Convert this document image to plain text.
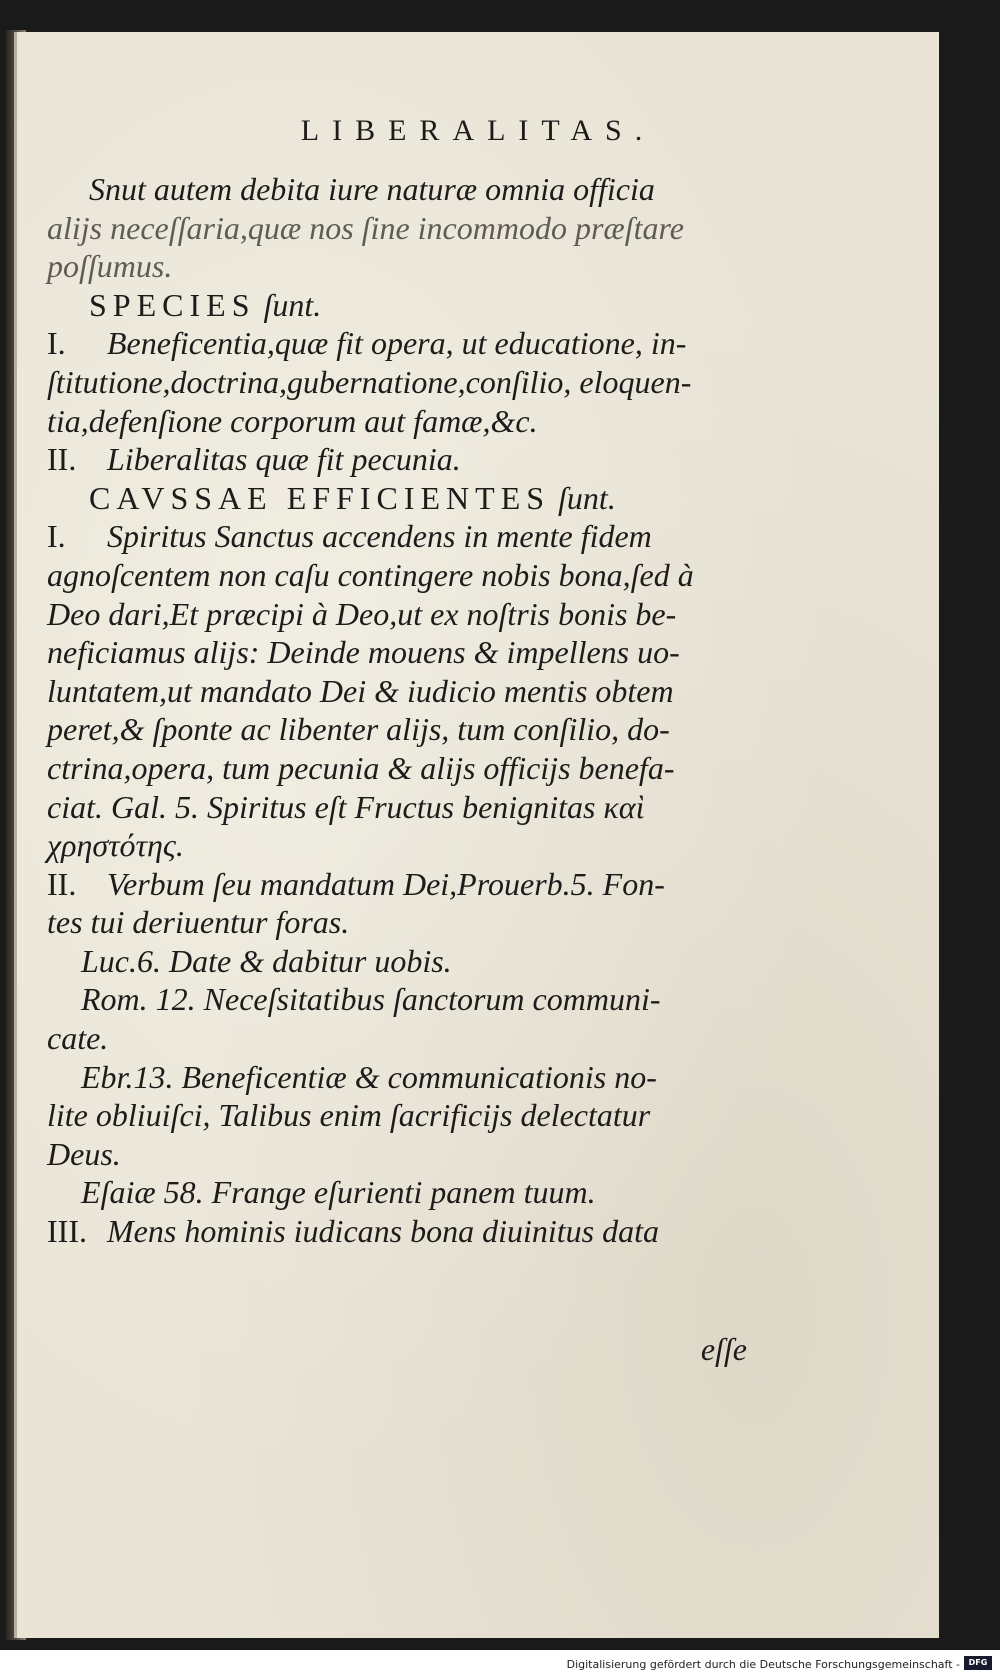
LIBERALITAS.
Snut autem debita iure naturæ omnia officia
alijs neceſſaria,quæ nos ſine incommodo præſtare
poſſumus.
SPECIES ſunt.
I. Beneficentia,quæ fit opera, ut educatione, in-
ſtitutione,doctrina,gubernatione,conſilio, eloquen-
tia,defenſione corporum aut famæ,&c.
II. Liberalitas quæ fit pecunia.
CAVSSAE EFFICIENTES ſunt.
I. Spiritus Sanctus accendens in mente fidem
agnoſcentem non caſu contingere nobis bona,ſed à
Deo dari,Et præcipi à Deo,ut ex noſtris bonis be-
neficiamus alijs: Deinde mouens & impellens uo-
luntatem,ut mandato Dei & iudicio mentis obtem
peret,& ſponte ac libenter alijs, tum conſilio, do-
ctrina,opera, tum pecunia & alijs officijs benefa-
ciat. Gal. 5. Spiritus eſt Fructus benignitas καὶ
χρηστότης.
II. Verbum ſeu mandatum Dei,Prouerb.5. Fon-
tes tui deriuentur foras.
Luc.6. Date & dabitur uobis.
Rom. 12. Neceſsitatibus ſanctorum communi-
cate.
Ebr.13. Beneficentiæ & communicationis no-
lite obliuiſci, Talibus enim ſacrificijs delectatur
Deus.
Eſaiæ 58. Frange eſurienti panem tuum.
III. Mens hominis iudicans bona diuinitus data
eſſe
Digitalisierung gefördert durch die Deutsche Forschungsgemeinschaft -	DFG
